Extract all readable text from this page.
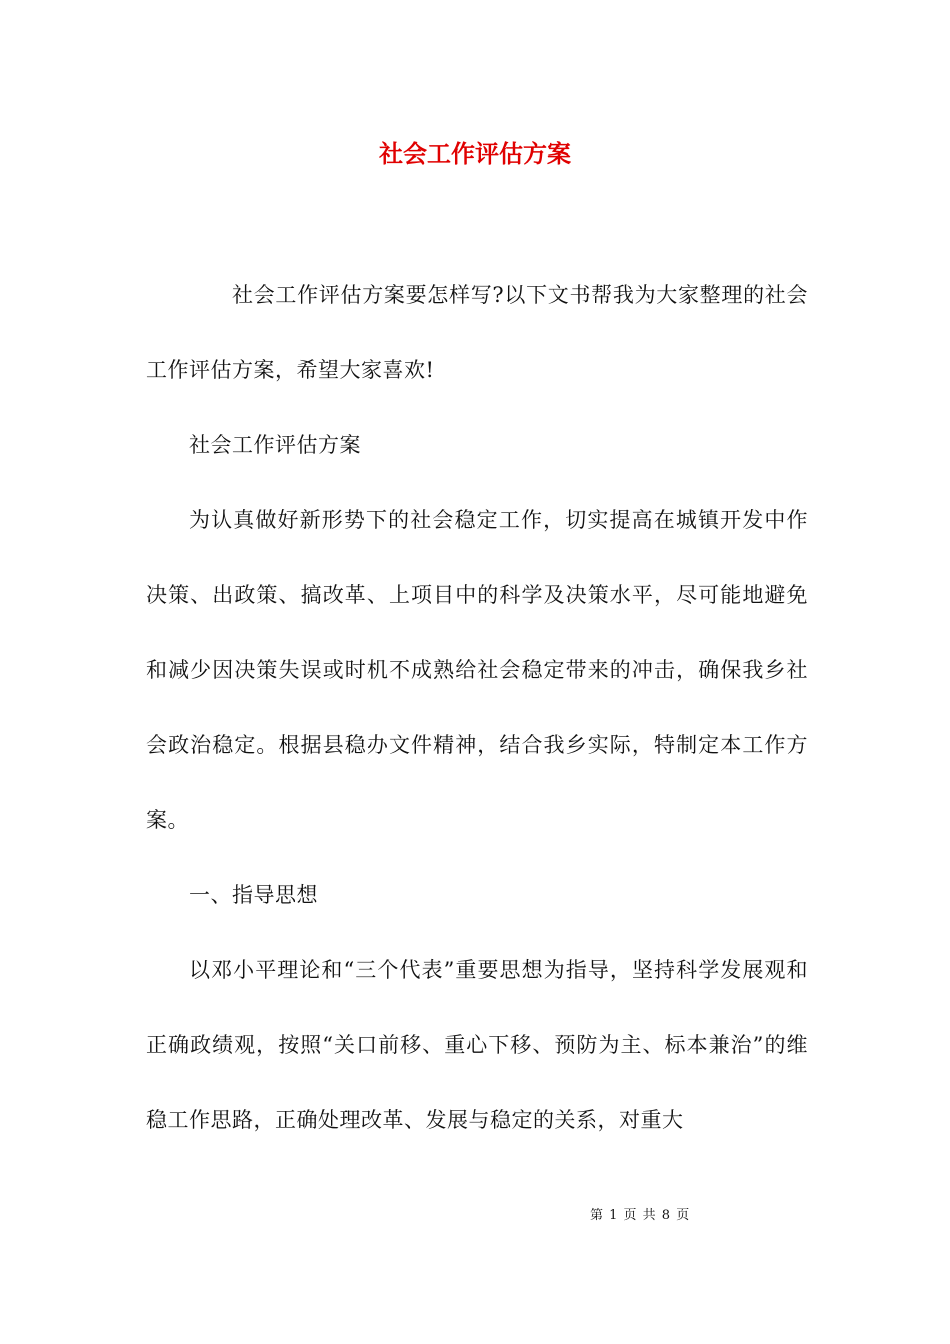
社会工作评估方案

社会工作评估方案要怎样写?以下文书帮我为大家整理的社会工作评估方案，希望大家喜欢!

社会工作评估方案

为认真做好新形势下的社会稳定工作，切实提高在城镇开发中作决策、出政策、搞改革、上项目中的科学及决策水平，尽可能地避免和减少因决策失误或时机不成熟给社会稳定带来的冲击，确保我乡社会政治稳定。根据县稳办文件精神，结合我乡实际，特制定本工作方案。

一、指导思想

以邓小平理论和“三个代表”重要思想为指导，坚持科学发展观和正确政绩观，按照“关口前移、重心下移、预防为主、标本兼治”的维稳工作思路，正确处理改革、发展与稳定的关系，对重大

第 1 页 共 8 页
